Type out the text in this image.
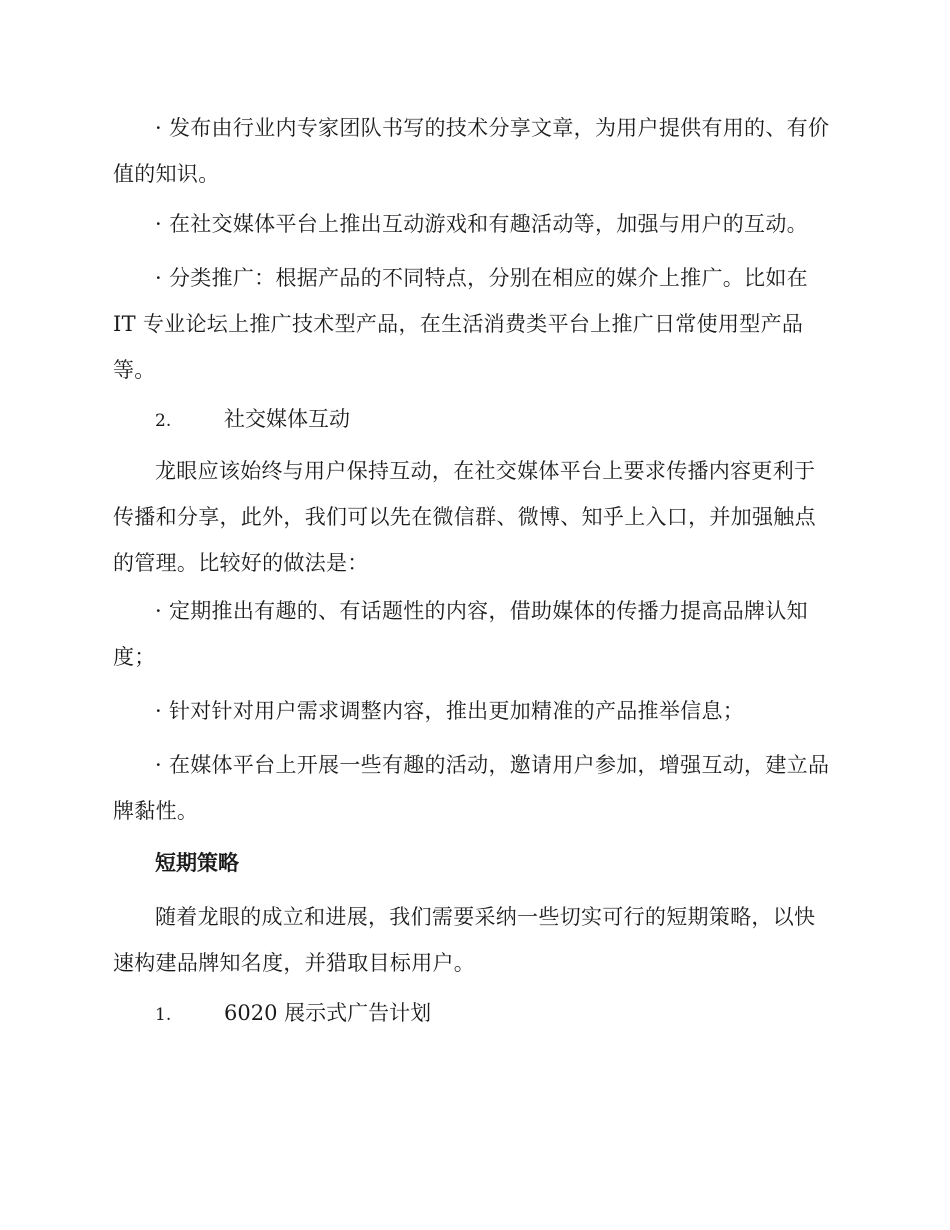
· 发布由行业内专家团队书写的技术分享文章，为用户提供有用的、有价值的知识。

· 在社交媒体平台上推出互动游戏和有趣活动等，加强与用户的互动。

· 分类推广：根据产品的不同特点，分别在相应的媒介上推广。比如在 IT 专业论坛上推广技术型产品，在生活消费类平台上推广日常使用型产品等。

2.	社交媒体互动

龙眼应该始终与用户保持互动，在社交媒体平台上要求传播内容更利于传播和分享，此外，我们可以先在微信群、微博、知乎上入口，并加强触点的管理。比较好的做法是：

· 定期推出有趣的、有话题性的内容，借助媒体的传播力提高品牌认知度；

· 针对针对用户需求调整内容，推出更加精准的产品推举信息；

· 在媒体平台上开展一些有趣的活动，邀请用户参加，增强互动，建立品牌黏性。

短期策略

随着龙眼的成立和进展，我们需要采纳一些切实可行的短期策略，以快速构建品牌知名度，并猎取目标用户。

1.	6020 展示式广告计划
